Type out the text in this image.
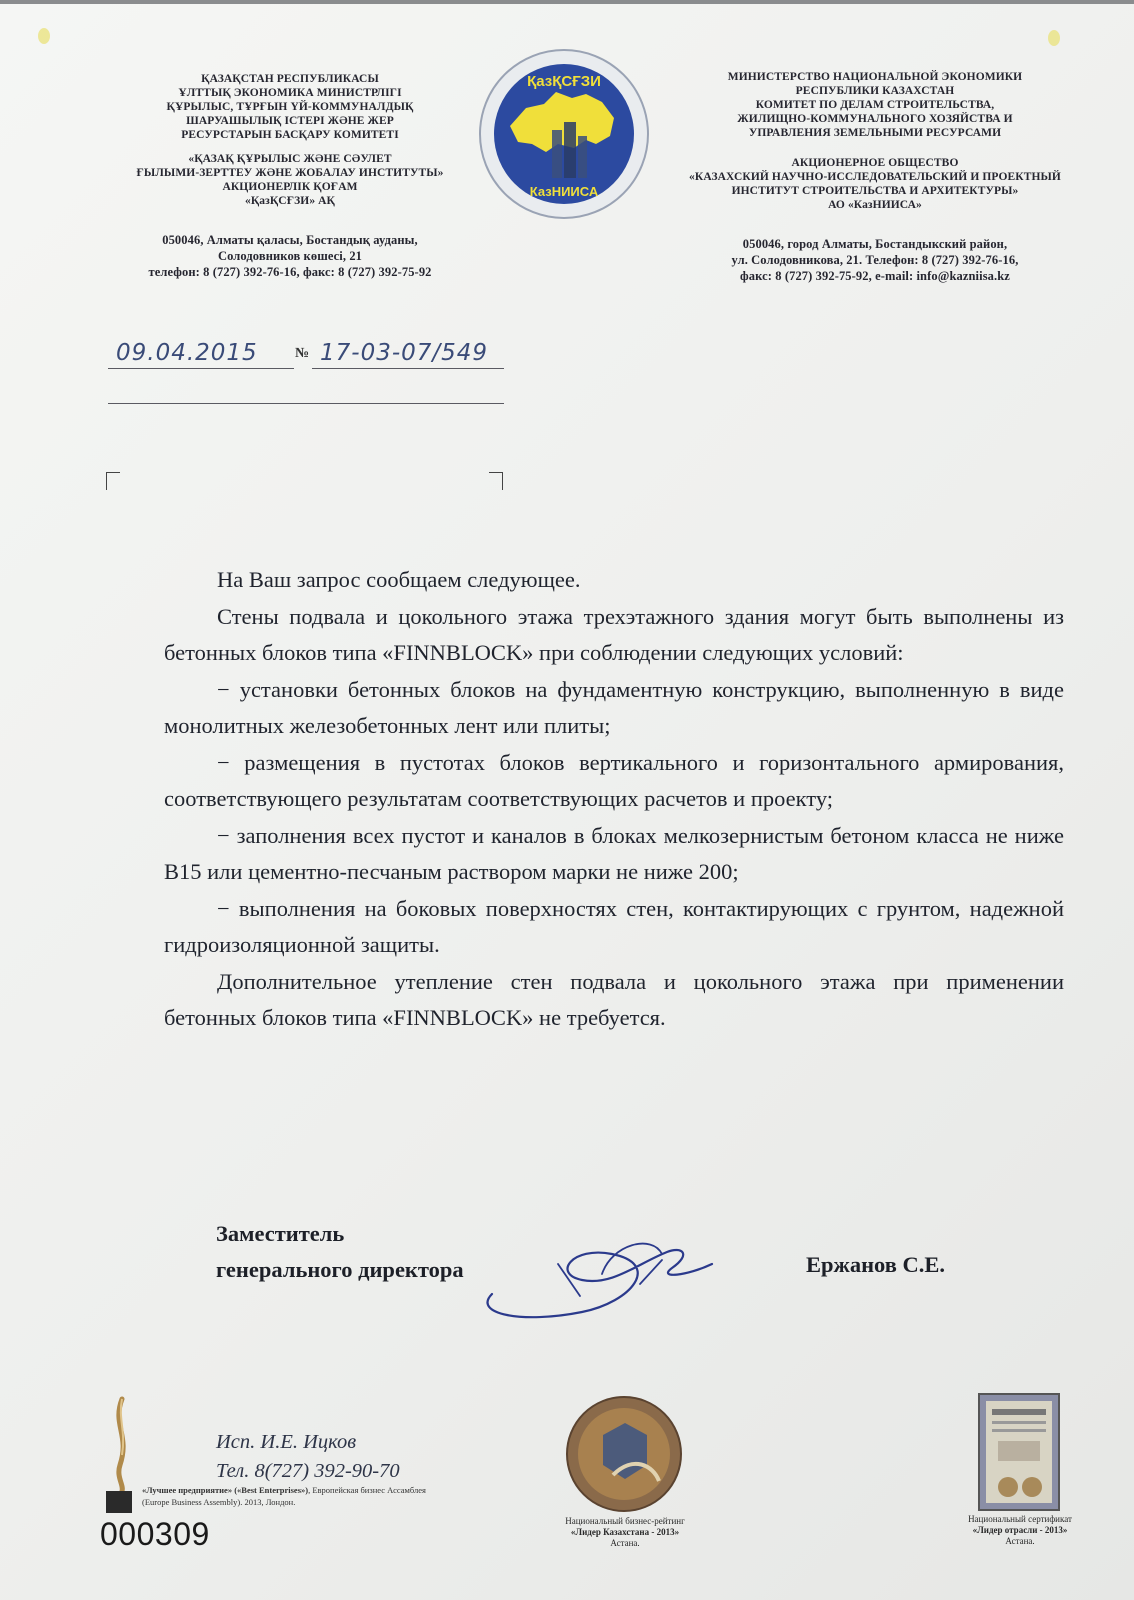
ҚАЗАҚСТАН РЕСПУБЛИКАСЫ

ҰЛТТЫҚ ЭКОНОМИКА МИНИСТРЛІГІ

ҚҰРЫЛЫС, ТҰРҒЫН ҮЙ-КОММУНАЛДЫҚ

ШАРУАШЫЛЫҚ ІСТЕРІ ЖӘНЕ ЖЕР

РЕСУРСТАРЫН БАСҚАРУ КОМИТЕТІ

«ҚАЗАҚ ҚҰРЫЛЫС ЖӘНЕ СӘУЛЕТ

ҒЫЛЫМИ-ЗЕРТТЕУ ЖӘНЕ ЖОБАЛАУ ИНСТИТУТЫ»

АКЦИОНЕРЛІК ҚОҒАМ

«ҚазҚСҒЗИ» АҚ

050046, Алматы қаласы, Бостандық ауданы,

Солодовников көшесі, 21

телефон: 8 (727) 392-76-16, факс: 8 (727) 392-75-92

ҚазҚСҒЗИ
КазНИИСА

МИНИСТЕРСТВО НАЦИОНАЛЬНОЙ ЭКОНОМИКИ

РЕСПУБЛИКИ КАЗАХСТАН

КОМИТЕТ ПО ДЕЛАМ СТРОИТЕЛЬСТВА,

ЖИЛИЩНО-КОММУНАЛЬНОГО ХОЗЯЙСТВА И

УПРАВЛЕНИЯ ЗЕМЕЛЬНЫМИ РЕСУРСАМИ

АКЦИОНЕРНОЕ ОБЩЕСТВО

«КАЗАХСКИЙ НАУЧНО-ИССЛЕДОВАТЕЛЬСКИЙ И ПРОЕКТНЫЙ

ИНСТИТУТ СТРОИТЕЛЬСТВА И АРХИТЕКТУРЫ»

АО «КазНИИСА»

050046, город Алматы, Бостандыкский район,

ул. Солодовникова, 21. Телефон: 8 (727) 392-76-16,

факс: 8 (727) 392-75-92, e-mail: info@kazniisa.kz

09.04.2015	№ 17-03-07/549

На Ваш запрос сообщаем следующее.

Стены подвала и цокольного этажа трехэтажного здания могут быть выполнены из бетонных блоков типа «FINNBLOCK» при соблюдении следующих условий:

− установки бетонных блоков на фундаментную конструкцию, выполненную в виде монолитных железобетонных лент или плиты;

− размещения в пустотах блоков вертикального и горизонтального армирования, соответствующего результатам соответствующих расчетов и проекту;

− заполнения всех пустот и каналов в блоках мелкозернистым бетоном класса не ниже В15 или цементно-песчаным раствором марки не ниже 200;

− выполнения на боковых поверхностях стен, контактирующих с грунтом, надежной гидроизоляционной защиты.

Дополнительное утепление стен подвала и цокольного этажа при применении бетонных блоков типа «FINNBLOCK» не требуется.

Заместитель
генерального директора	Ержанов С.Е.
Исп. И.Е. Ицков
Тел. 8(727) 392-90-70
«Лучшее предприятие» («Best Enterprises»), Европейская бизнес Ассамблея
(Europe Business Assembly). 2013, Лондон.
000309	Национальный бизнес-рейтинг
«Лидер Казахстана - 2013»
Астана.
Национальный сертификат
«Лидер отрасли - 2013»
Астана.
